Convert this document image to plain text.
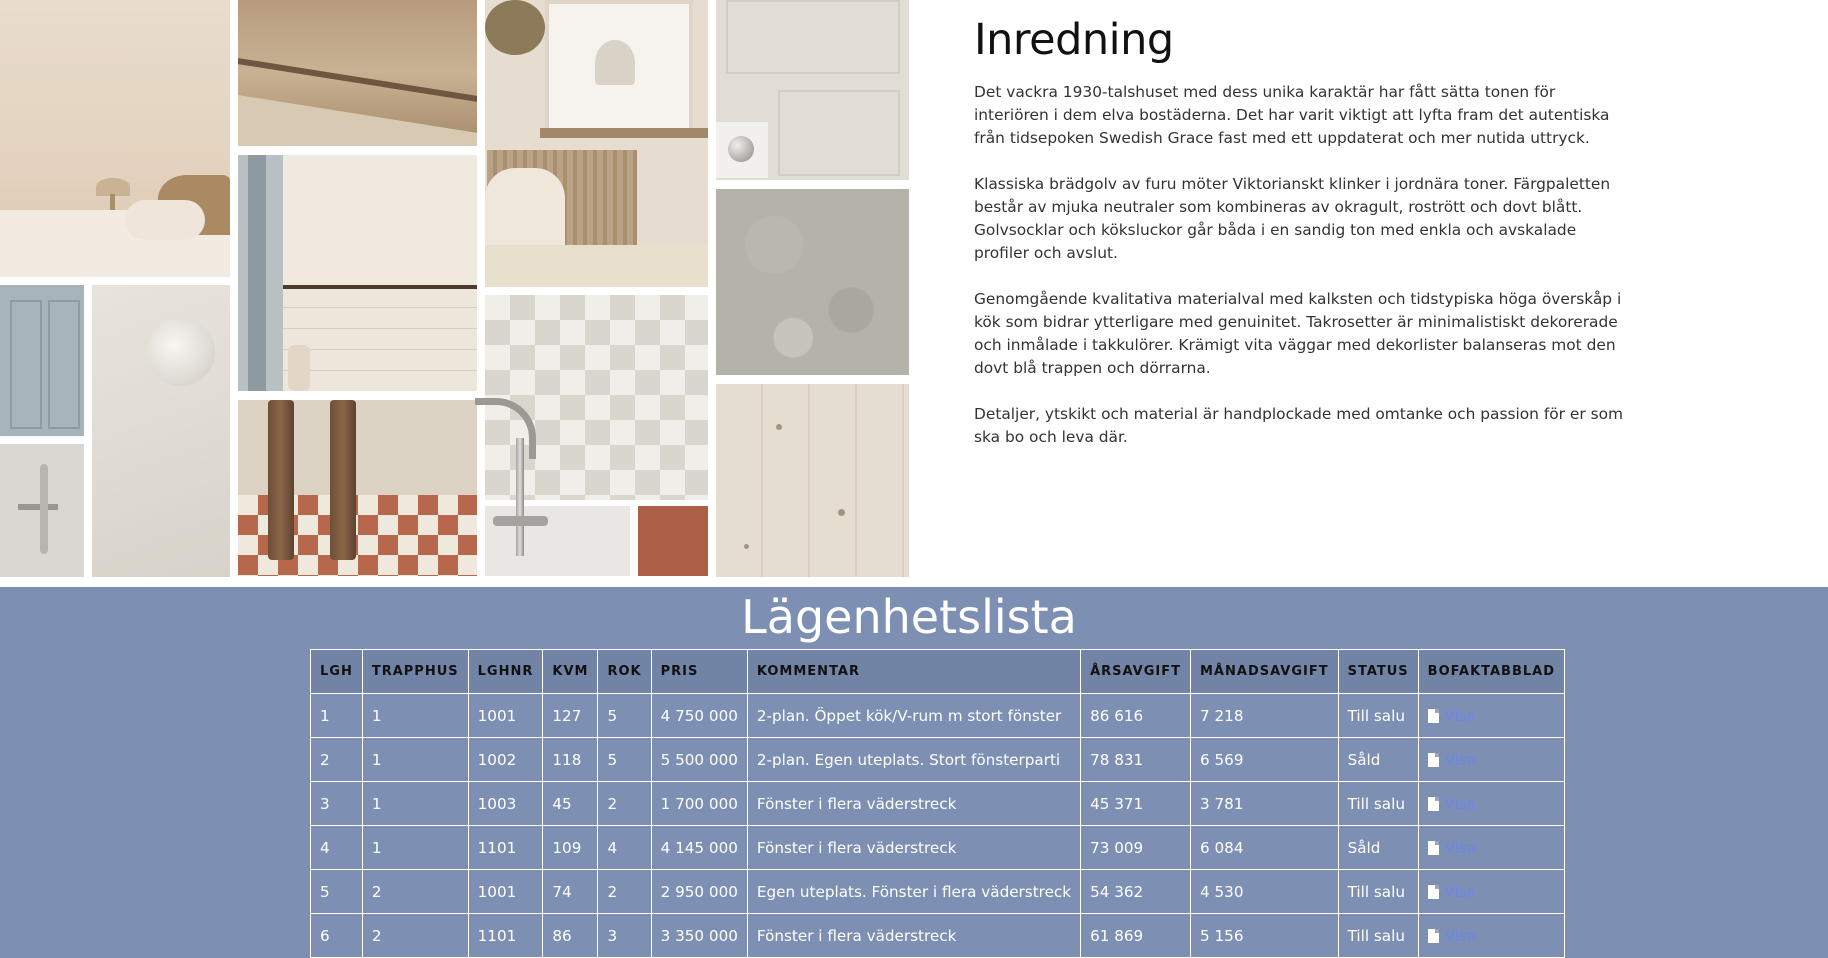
Inredning

Det vackra 1930-talshuset med dess unika karaktär har fått sätta tonen för interiören i dem elva bostäderna. Det har varit viktigt att lyfta fram det autentiska från tidsepoken Swedish Grace fast med ett uppdaterat och mer nutida uttryck.

Klassiska brädgolv av furu möter Viktorianskt klinker i jordnära toner. Färgpaletten består av mjuka neutraler som kombineras av okragult, rostrött och dovt blått. Golvsocklar och köksluckor går båda i en sandig ton med enkla och avskalade profiler och avslut.

Genomgående kvalitativa materialval med kalksten och tidstypiska höga överskåp i kök som bidrar ytterligare med genuinitet. Takrosetter är minimalistiskt dekorerade och inmålade i takkulörer. Krämigt vita väggar med dekorlister balanseras mot den dovt blå trappen och dörrarna.

Detaljer, ytskikt och material är handplockade med omtanke och passion för er som ska bo och leva där.

Lägenhetslista
LGH	TRAPPHUS	LGHNR	KVM	ROK	PRIS	KOMMENTAR	ÅRSAVGIFT	MÅNADSAVGIFT	STATUS	BOFAKTABBLAD
1	1	1001	127	5	4 750 000	2-plan. Öppet kök/V-rum m stort fönster	86 616	7 218	Till salu	Visa
2	1	1002	118	5	5 500 000	2-plan. Egen uteplats. Stort fönsterparti	78 831	6 569	Såld	Visa
3	1	1003	45	2	1 700 000	Fönster i flera väderstreck	45 371	3 781	Till salu	Visa
4	1	1101	109	4	4 145 000	Fönster i flera väderstreck	73 009	6 084	Såld	Visa
5	2	1001	74	2	2 950 000	Egen uteplats. Fönster i flera väderstreck	54 362	4 530	Till salu	Visa
6	2	1101	86	3	3 350 000	Fönster i flera väderstreck	61 869	5 156	Till salu	Visa
